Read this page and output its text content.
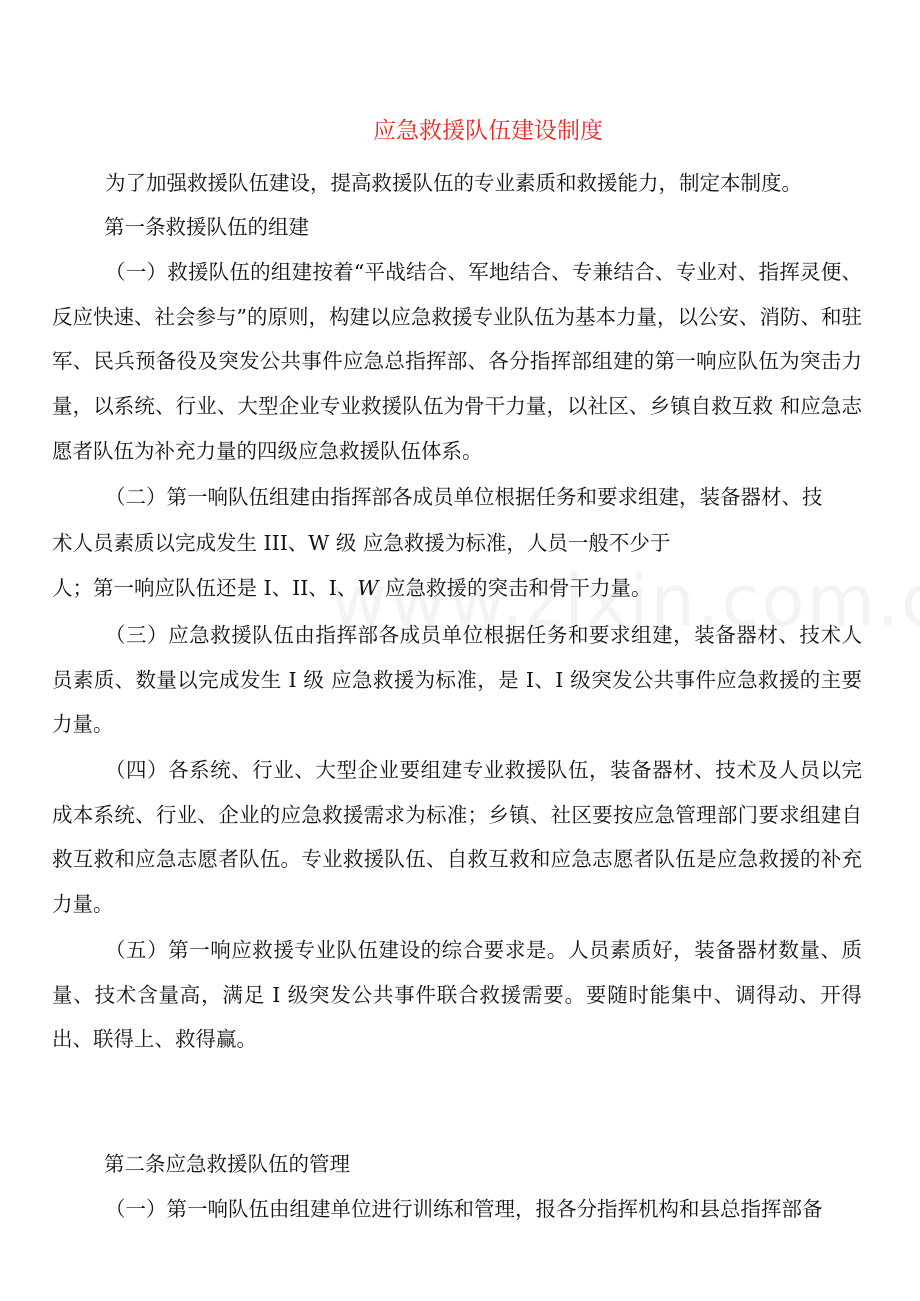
应急救援队伍建设制度

为了加强救援队伍建设，提高救援队伍的专业素质和救援能力，制定本制度。

第一条救援队伍的组建

（一）救援队伍的组建按着“平战结合、军地结合、专兼结合、专业对、指挥灵便、反应快速、社会参与”的原则，构建以应急救援专业队伍为基本力量，以公安、消防、和驻军、民兵预备役及突发公共事件应急总指挥部、各分指挥部组建的第一响应队伍为突击力量，以系统、行业、大型企业专业救援队伍为骨干力量，以社区、乡镇自救互救 和应急志愿者队伍为补充力量的四级应急救援队伍体系。

（二）第一响队伍组建由指挥部各成员单位根据任务和要求组建，装备器材、技

术人员素质以完成发生 III、W 级 应急救援为标准，人员一般不少于

人；第一响应队伍还是 I、II、I、𝑊 应急救援的突击和骨干力量。

（三）应急救援队伍由指挥部各成员单位根据任务和要求组建，装备器材、技术人员素质、数量以完成发生 I 级 应急救援为标准，是 I、I 级突发公共事件应急救援的主要力量。

（四）各系统、行业、大型企业要组建专业救援队伍，装备器材、技术及人员以完成本系统、行业、企业的应急救援需求为标准；乡镇、社区要按应急管理部门要求组建自救互救和应急志愿者队伍。专业救援队伍、自救互救和应急志愿者队伍是应急救援的补充力量。

（五）第一响应救援专业队伍建设的综合要求是。人员素质好，装备器材数量、质量、技术含量高，满足 I 级突发公共事件联合救援需要。要随时能集中、调得动、开得出、联得上、救得赢。

第二条应急救援队伍的管理

（一）第一响队伍由组建单位进行训练和管理，报各分指挥机构和县总指挥部备
